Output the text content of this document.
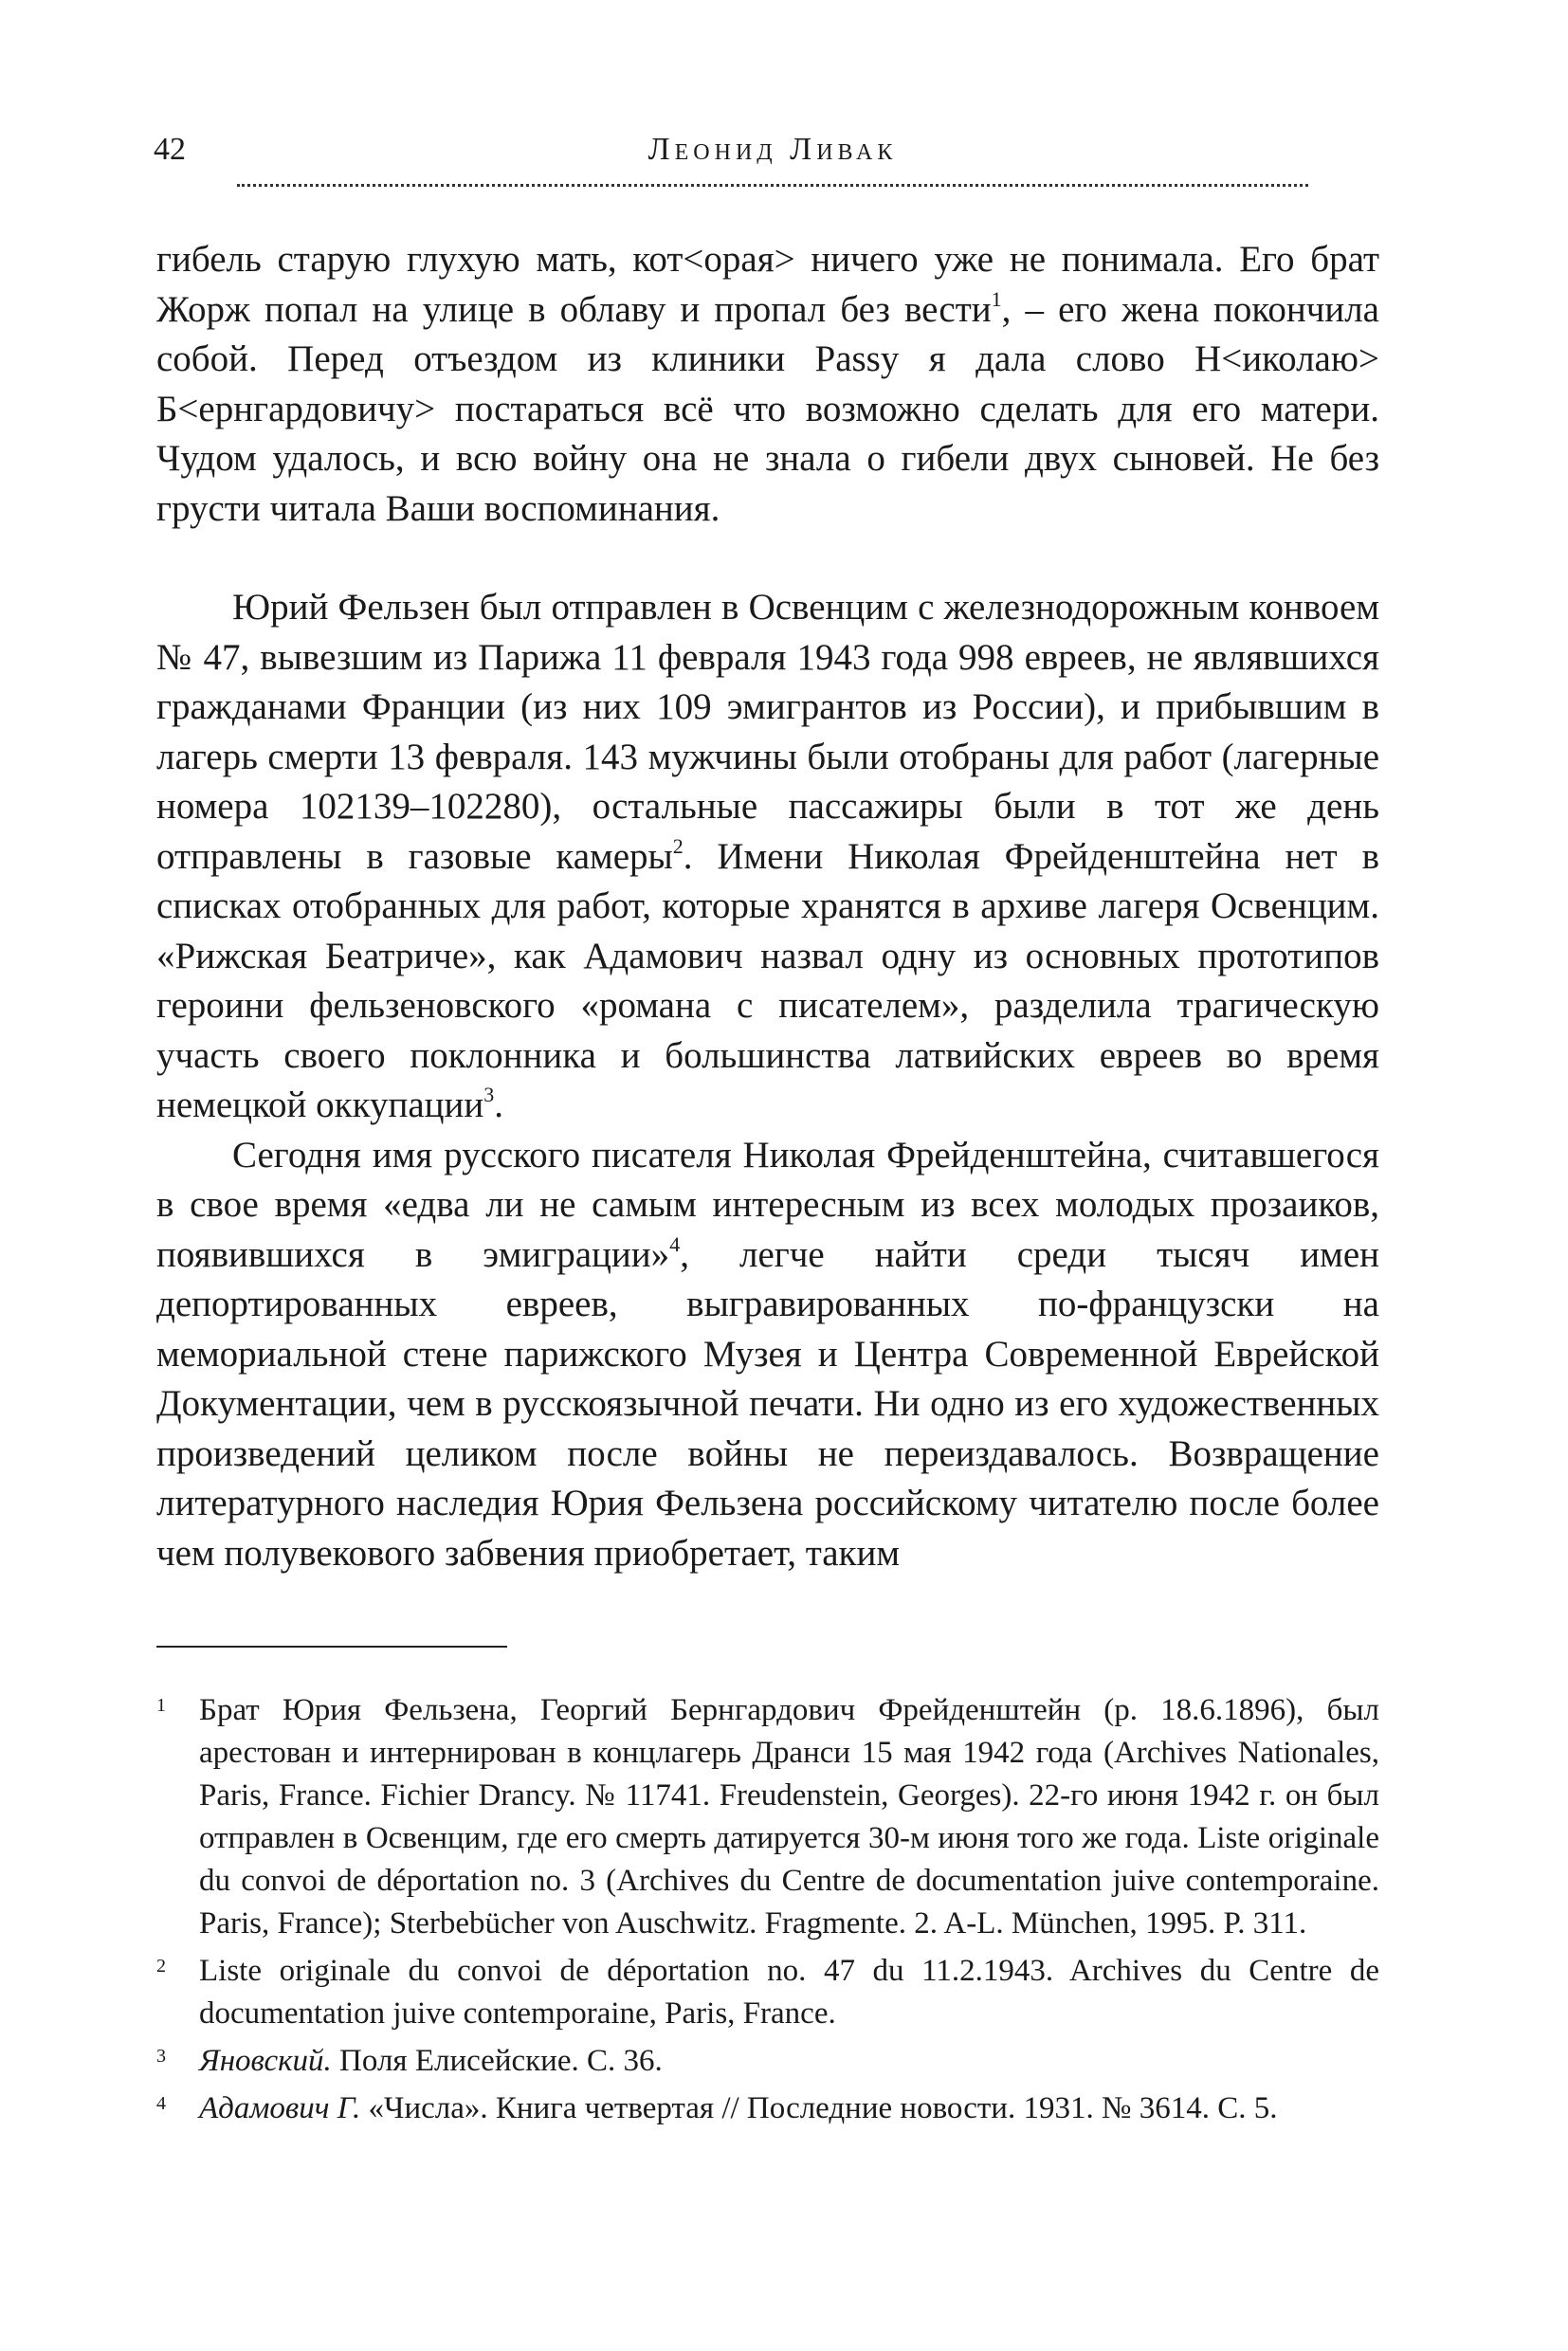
42	Леонид Ливак

гибель старую глухую мать, кот<орая> ничего уже не понимала. Его брат Жорж попал на улице в облаву и пропал без вести$^1$, – его жена покончила собой. Перед отъездом из клиники Passy я дала слово Н<иколаю> Б<ернгардовичу> постараться всё что возможно сделать для его матери. Чудом удалось, и всю войну она не знала о гибели двух сыновей. Не без грусти читала Ваши воспоминания.

Юрий Фельзен был отправлен в Освенцим с железнодорожным конвоем № 47, вывезшим из Парижа 11 февраля 1943 года 998 евреев, не являвшихся гражданами Франции (из них 109 эмигрантов из России), и прибывшим в лагерь смерти 13 февраля. 143 мужчины были отобраны для работ (лагерные номера 102139–102280), остальные пассажиры были в тот же день отправлены в газовые камеры$^2$. Имени Николая Фрейденштейна нет в списках отобранных для работ, которые хранятся в архиве лагеря Освенцим. «Рижская Беатриче», как Адамович назвал одну из основных прототипов героини фельзеновского «романа с писателем», разделила трагическую участь своего поклонника и большинства латвийских евреев во время немецкой оккупации$^3$.

Сегодня имя русского писателя Николая Фрейденштейна, считавшегося в свое время «едва ли не самым интересным из всех молодых прозаиков, появившихся в эмиграции»$^4$, легче найти среди тысяч имен депортированных евреев, выгравированных по-французски на мемориальной стене парижского Музея и Центра Современной Еврейской Документации, чем в русскоязычной печати. Ни одно из его художественных произведений целиком после войны не переиздавалось. Возвращение литературного наследия Юрия Фельзена российскому читателю после более чем полувекового забвения приобретает, таким

1	Брат Юрия Фельзена, Георгий Бернгардович Фрейденштейн (р. 18.6.1896), был арестован и интернирован в концлагерь Дранси 15 мая 1942 года (Archives Nationales, Paris, France. Fichier Drancy. № 11741. Freudenstein, Georges). 22-го июня 1942 г. он был отправлен в Освенцим, где его смерть датируется 30-м июня того же года. Liste originale du convoi de déportation no. 3 (Archives du Centre de documentation juive contemporaine. Paris, France); Sterbebücher von Auschwitz. Fragmente. 2. A-L. München, 1995. P. 311.
2	Liste originale du convoi de déportation no. 47 du 11.2.1943. Archives du Centre de documentation juive contemporaine, Paris, France.
3	Яновский. Поля Елисейские. С. 36.
4	Адамович Г. «Числа». Книга четвертая // Последние новости. 1931. № 3614. С. 5.
